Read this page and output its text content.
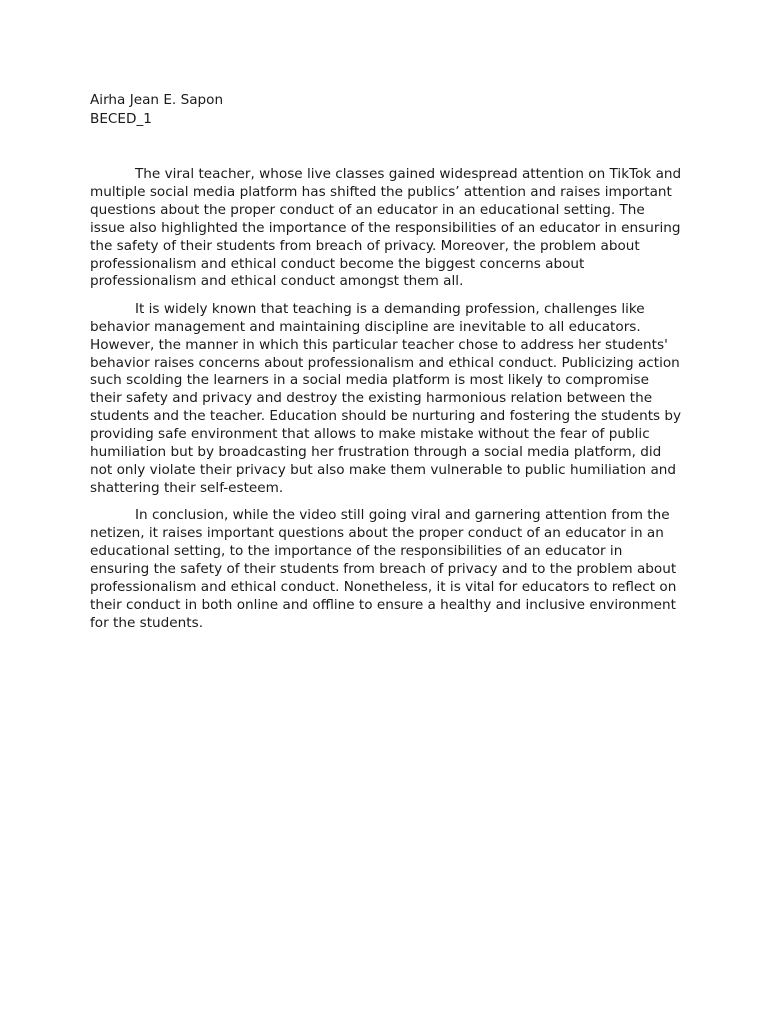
Airha Jean E. Sapon
BECED_1

The viral teacher, whose live classes gained widespread attention on TikTok and multiple social media platform has shifted the publics’ attention and raises important questions about the proper conduct of an educator in an educational setting. The issue also highlighted the importance of the responsibilities of an educator in ensuring the safety of their students from breach of privacy. Moreover, the problem about professionalism and ethical conduct become the biggest concerns about professionalism and ethical conduct amongst them all.

It is widely known that teaching is a demanding profession, challenges like behavior management and maintaining discipline are inevitable to all educators. However, the manner in which this particular teacher chose to address her students' behavior raises concerns about professionalism and ethical conduct. Publicizing action such scolding the learners in a social media platform is most likely to compromise their safety and privacy and destroy the existing harmonious relation between the students and the teacher. Education should be nurturing and fostering the students by providing safe environment that allows to make mistake without the fear of public humiliation but by broadcasting her frustration through a social media platform, did not only violate their privacy but also make them vulnerable to public humiliation and shattering their self-esteem.

In conclusion, while the video still going viral and garnering attention from the netizen, it raises important questions about the proper conduct of an educator in an educational setting, to the importance of the responsibilities of an educator in ensuring the safety of their students from breach of privacy and to the problem about professionalism and ethical conduct. Nonetheless, it is vital for educators to reflect on their conduct in both online and offline to ensure a healthy and inclusive environment for the students.
